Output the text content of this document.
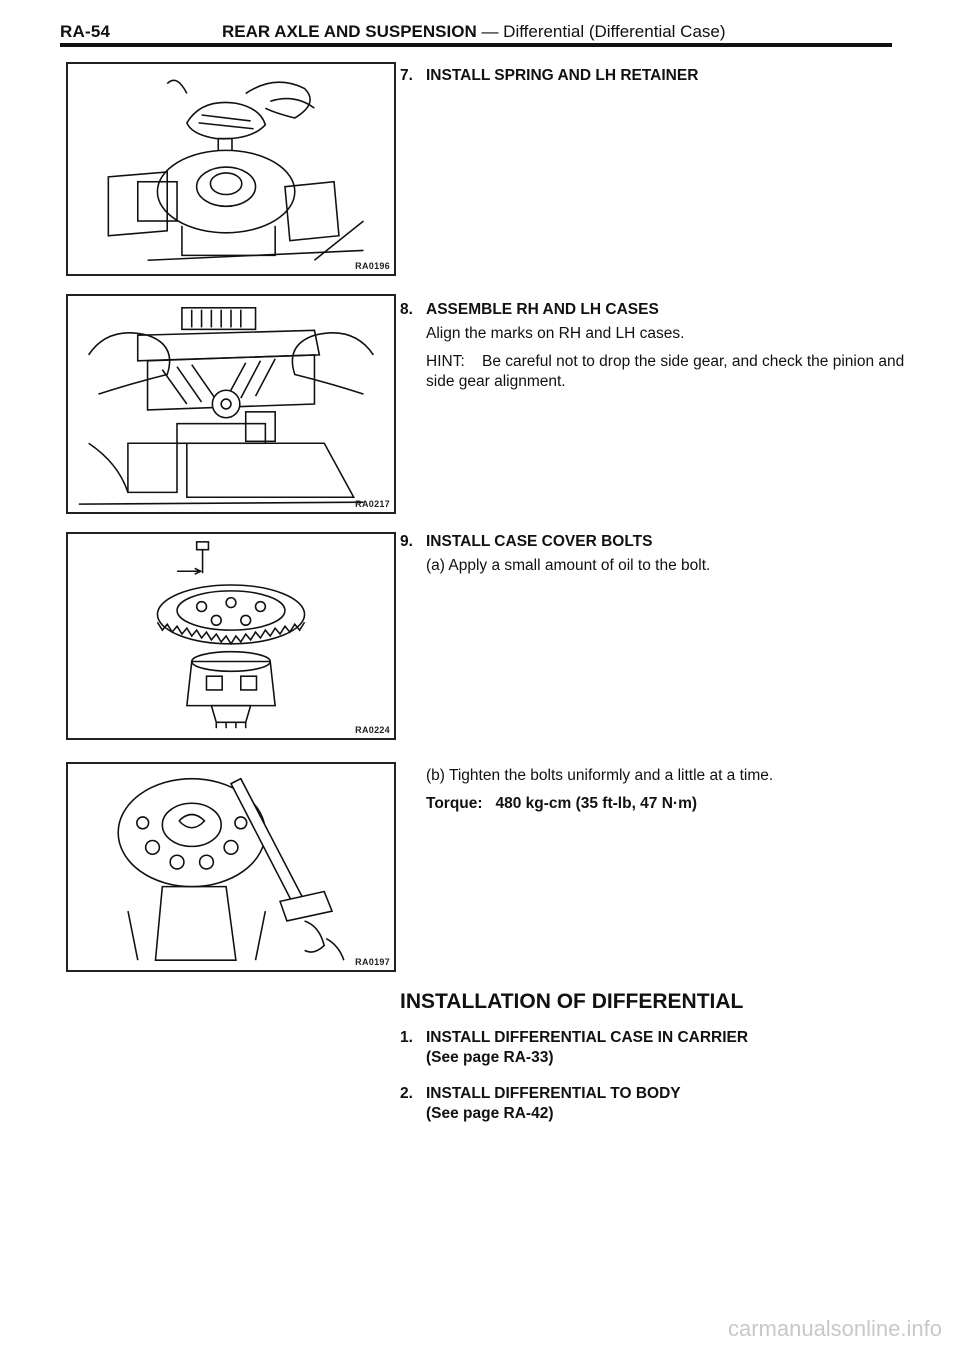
RA-54	REAR AXLE AND SUSPENSION — Differential (Differential Case)
RA0196
RA0217
RA0224
RA0197
7. INSTALL SPRING AND LH RETAINER
8. ASSEMBLE RH AND LH CASES
Align the marks on RH and LH cases.
HINT: Be careful not to drop the side gear, and check the pinion and side gear alignment.
9. INSTALL CASE COVER BOLTS
(a) Apply a small amount of oil to the bolt.
(b) Tighten the bolts uniformly and a little at a time.
Torque: 480 kg-cm (35 ft-lb, 47 N·m)
INSTALLATION OF DIFFERENTIAL
1. INSTALL DIFFERENTIAL CASE IN CARRIER
(See page RA-33)
2. INSTALL DIFFERENTIAL TO BODY
(See page RA-42)
carmanualsonline.info
